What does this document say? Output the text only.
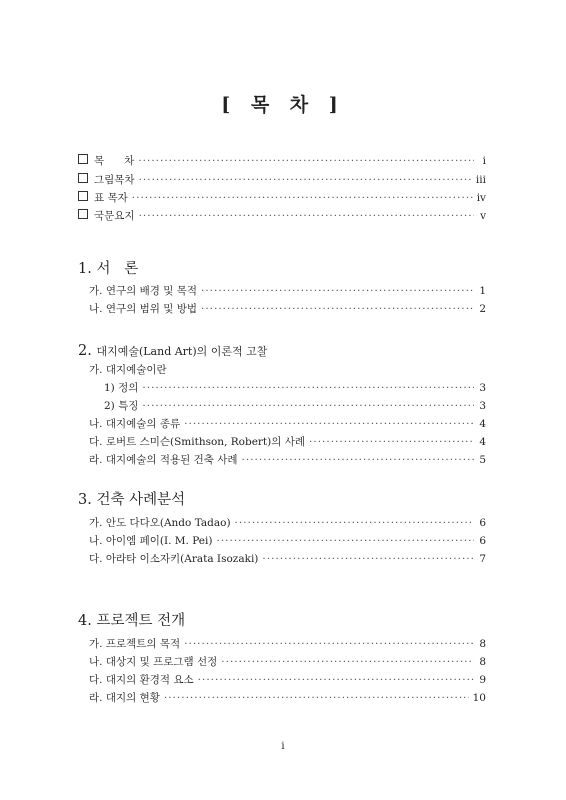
[ 목 차 ]
목      차 ·····	i
그림목차 ·····	iii
표 목자 ·····	iv
국문요지 ·····	v
1. 서   론
가. 연구의 배경 및 목적 ·····	1
나. 연구의 범위 및 방법 ·····	2
2. 대지예술(Land Art)의 이론적 고찰
가. 대지예술이란
1) 정의 ·····	3
2) 특징 ·····	3
나. 대지예술의 종류 ·····	4
다. 로버트 스미슨(Smithson, Robert)의 사례 ·····	4
라. 대지예술의 적용된 건축 사례 ·····	5
3. 건축 사례분석
가. 안도 다다오(Ando Tadao) ·····	6
나. 아이엠 페이(I. M. Pei) ·····	6
다. 아라타 이소자키(Arata Isozaki) ·····	7
4. 프로젝트 전개
가. 프로젝트의 목적 ·····	8
나. 대상지 및 프로그램 선정 ·····	8
다. 대지의 환경적 요소 ·····	9
라. 대지의 현황 ·····	10
i
